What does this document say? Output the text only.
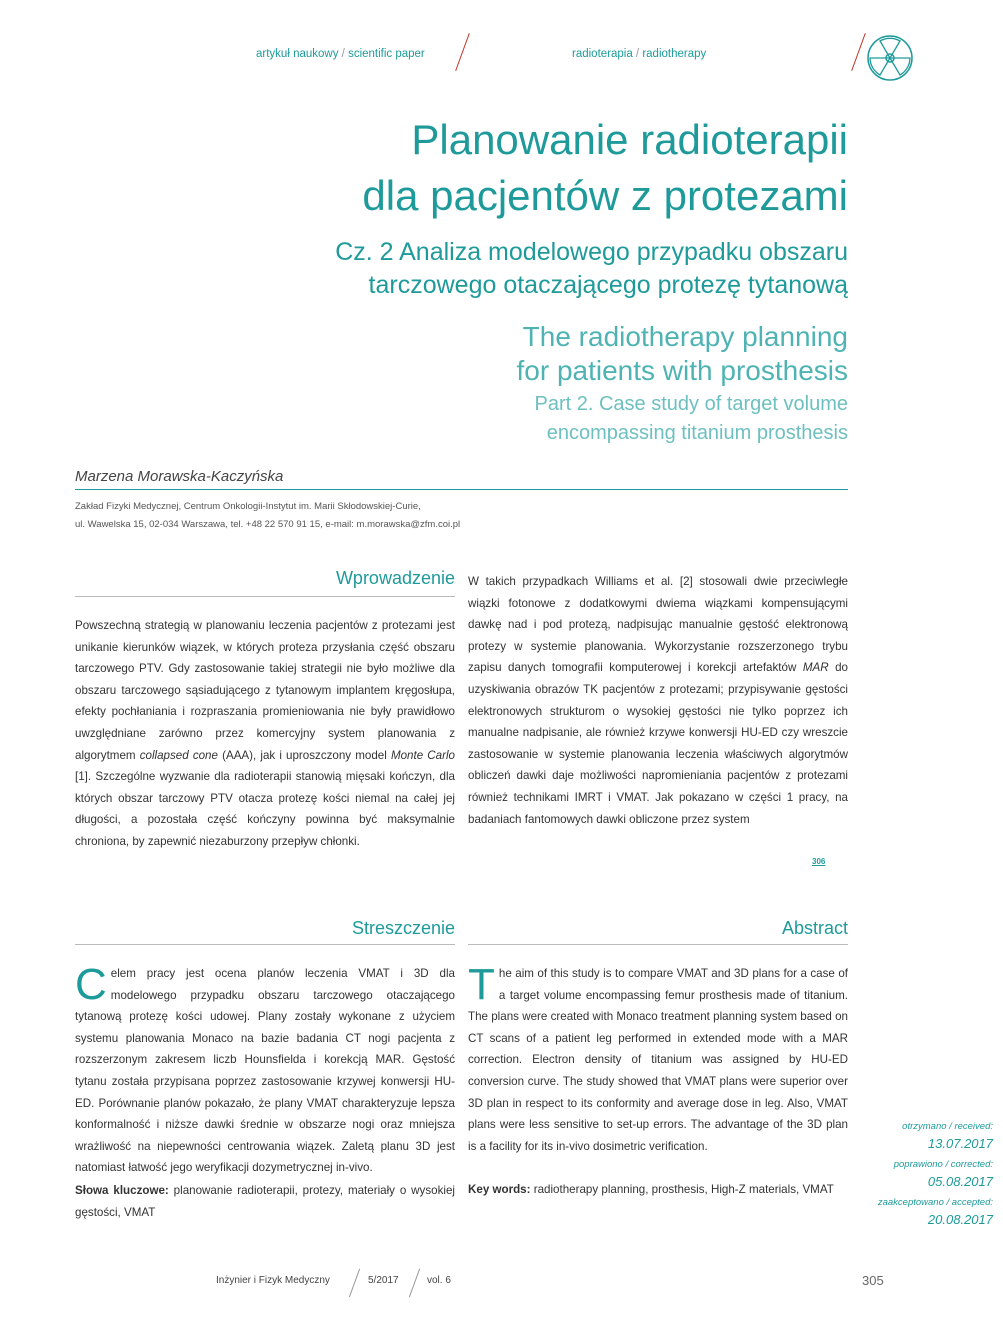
artykuł naukowy / scientific paper	radioterapia / radiotherapy
Planowanie radioterapii
dla pacjentów z protezami
Cz. 2 Analiza modelowego przypadku obszaru
tarczowego otaczającego protezę tytanową
The radiotherapy planning
for patients with prosthesis
Part 2. Case study of target volume
encompassing titanium prosthesis
Marzena Morawska-Kaczyńska
Zakład Fizyki Medycznej, Centrum Onkologii-Instytut im. Marii Skłodowskiej-Curie,
ul. Wawelska 15, 02-034 Warszawa, tel. +48 22 570 91 15, e-mail: m.morawska@zfm.coi.pl
Wprowadzenie

Powszechną strategią w planowaniu leczenia pacjentów z protezami jest unikanie kierunków wiązek, w których proteza przysłania część obszaru tarczowego PTV. Gdy zastosowanie takiej strategii nie było możliwe dla obszaru tarczowego sąsiadującego z tytanowym implantem kręgosłupa, efekty pochłaniania i rozpraszania promieniowania nie były prawidłowo uwzględniane zarówno przez komercyjny system planowania z algorytmem collapsed cone (AAA), jak i uproszczony model Monte Carlo [1]. Szczególne wyzwanie dla radioterapii stanowią mięsaki kończyn, dla których obszar tarczowy PTV otacza protezę kości niemal na całej jej długości, a pozostała część kończyny powinna być maksymalnie chroniona, by zapewnić niezaburzony przepływ chłonki.

W takich przypadkach Williams et al. [2] stosowali dwie przeciwległe wiązki fotonowe z dodatkowymi dwiema wiązkami kompensującymi dawkę nad i pod protezą, nadpisując manualnie gęstość elektronową protezy w systemie planowania. Wykorzystanie rozszerzonego trybu zapisu danych tomografii komputerowej i korekcji artefaktów MAR do uzyskiwania obrazów TK pacjentów z protezami; przypisywanie gęstości elektronowych strukturom o wysokiej gęstości nie tylko poprzez ich manualne nadpisanie, ale również krzywe konwersji HU-ED czy wreszcie zastosowanie w systemie planowania leczenia właściwych algorytmów obliczeń dawki daje możliwości napromieniania pacjentów z protezami również technikami IMRT i VMAT. Jak pokazano w części 1 pracy, na badaniach fantomowych dawki obliczone przez system

306
Streszczenie

Celem pracy jest ocena planów leczenia VMAT i 3D dla modelowego przypadku obszaru tarczowego otaczającego tytanową protezę kości udowej. Plany zostały wykonane z użyciem systemu planowania Monaco na bazie badania CT nogi pacjenta z rozszerzonym zakresem liczb Hounsfielda i korekcją MAR. Gęstość tytanu została przypisana poprzez zastosowanie krzywej konwersji HU-ED. Porównanie planów pokazało, że plany VMAT charakteryzuje lepsza konformalność i niższe dawki średnie w obszarze nogi oraz mniejsza wrażliwość na niepewności centrowania wiązek. Zaletą planu 3D jest natomiast łatwość jego weryfikacji dozymetrycznej in-vivo.

Słowa kluczowe: planowanie radioterapii, protezy, materiały o wysokiej gęstości, VMAT

Abstract

The aim of this study is to compare VMAT and 3D plans for a case of a target volume encompassing femur prosthesis made of titanium. The plans were created with Monaco treatment planning system based on CT scans of a patient leg performed in extended mode with a MAR correction. Electron density of titanium was assigned by HU-ED conversion curve. The study showed that VMAT plans were superior over 3D plan in respect to its conformity and average dose in leg. Also, VMAT plans were less sensitive to set-up errors. The advantage of the 3D plan is a facility for its in-vivo dosimetric verification.

Key words: radiotherapy planning, prosthesis, High-Z materials, VMAT

otrzymano / received:
13.07.2017
poprawiono / corrected:
05.08.2017
zaakceptowano / accepted:
20.08.2017
Inżynier i Fizyk Medyczny	5/2017	vol. 6	305
